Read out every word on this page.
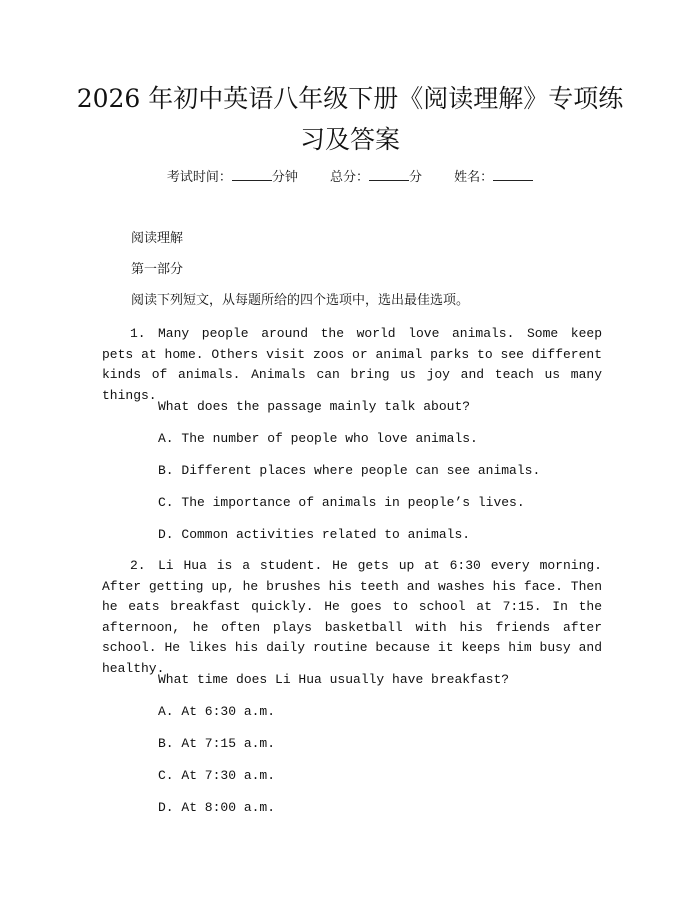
2026 年初中英语八年级下册《阅读理解》专项练习及答案
考试时间：	分钟 总分：	分 姓名：
阅读理解
第一部分
阅读下列短文，从每题所给的四个选项中，选出最佳选项。
1. Many people around the world love animals. Some keep pets at home. Others visit zoos or animal parks to see different kinds of animals. Animals can bring us joy and teach us many things.
What does the passage mainly talk about?
A. The number of people who love animals.
B. Different places where people can see animals.
C. The importance of animals in people’s lives.
D. Common activities related to animals.
2. Li Hua is a student. He gets up at 6:30 every morning. After getting up, he brushes his teeth and washes his face. Then he eats breakfast quickly. He goes to school at 7:15. In the afternoon, he often plays basketball with his friends after school. He likes his daily routine because it keeps him busy and healthy.
What time does Li Hua usually have breakfast?
A. At 6:30 a.m.
B. At 7:15 a.m.
C. At 7:30 a.m.
D. At 8:00 a.m.
